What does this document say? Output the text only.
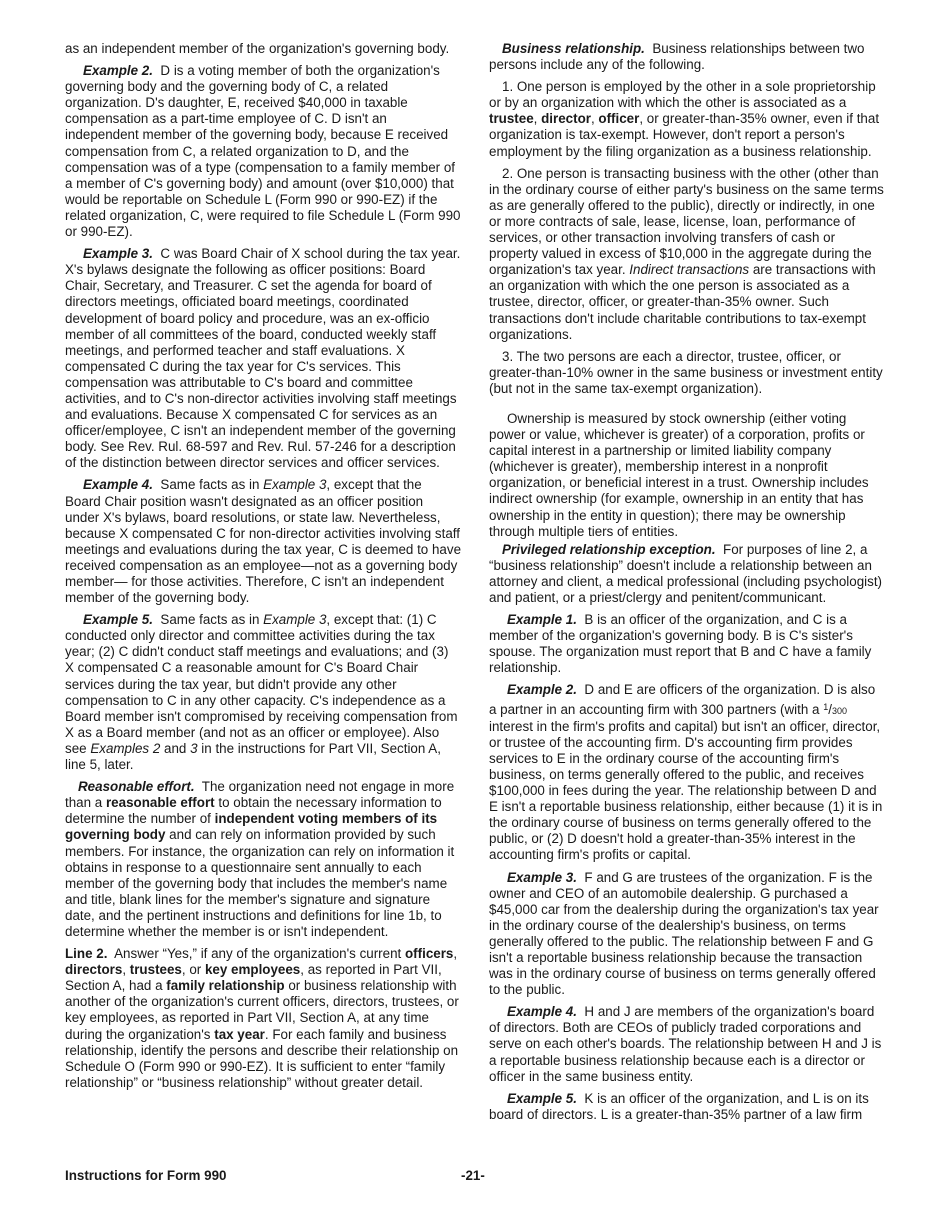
as an independent member of the organization's governing body.

Example 2. D is a voting member of both the organization's governing body and the governing body of C, a related organization. D's daughter, E, received $40,000 in taxable compensation as a part-time employee of C. D isn't an independent member of the governing body, because E received compensation from C, a related organization to D, and the compensation was of a type (compensation to a family member of a member of C's governing body) and amount (over $10,000) that would be reportable on Schedule L (Form 990 or 990-EZ) if the related organization, C, were required to file Schedule L (Form 990 or 990-EZ).

Example 3. C was Board Chair of X school during the tax year. X's bylaws designate the following as officer positions: Board Chair, Secretary, and Treasurer. C set the agenda for board of directors meetings, officiated board meetings, coordinated development of board policy and procedure, was an ex-officio member of all committees of the board, conducted weekly staff meetings, and performed teacher and staff evaluations. X compensated C during the tax year for C's services. This compensation was attributable to C's board and committee activities, and to C's non-director activities involving staff meetings and evaluations. Because X compensated C for services as an officer/employee, C isn't an independent member of the governing body. See Rev. Rul. 68-597 and Rev. Rul. 57-246 for a description of the distinction between director services and officer services.

Example 4. Same facts as in Example 3, except that the Board Chair position wasn't designated as an officer position under X's bylaws, board resolutions, or state law. Nevertheless, because X compensated C for non-director activities involving staff meetings and evaluations during the tax year, C is deemed to have received compensation as an employee—not as a governing body member— for those activities. Therefore, C isn't an independent member of the governing body.

Example 5. Same facts as in Example 3, except that: (1) C conducted only director and committee activities during the tax year; (2) C didn't conduct staff meetings and evaluations; and (3) X compensated C a reasonable amount for C's Board Chair services during the tax year, but didn't provide any other compensation to C in any other capacity. C's independence as a Board member isn't compromised by receiving compensation from X as a Board member (and not as an officer or employee). Also see Examples 2 and 3 in the instructions for Part VII, Section A, line 5, later.

Reasonable effort. The organization need not engage in more than a reasonable effort to obtain the necessary information to determine the number of independent voting members of its governing body and can rely on information provided by such members. For instance, the organization can rely on information it obtains in response to a questionnaire sent annually to each member of the governing body that includes the member's name and title, blank lines for the member's signature and signature date, and the pertinent instructions and definitions for line 1b, to determine whether the member is or isn't independent.

Line 2. Answer “Yes,” if any of the organization's current officers, directors, trustees, or key employees, as reported in Part VII, Section A, had a family relationship or business relationship with another of the organization's current officers, directors, trustees, or key employees, as reported in Part VII, Section A, at any time during the organization's tax year. For each family and business relationship, identify the persons and describe their relationship on Schedule O (Form 990 or 990-EZ). It is sufficient to enter “family relationship” or “business relationship” without greater detail.

Business relationship. Business relationships between two persons include any of the following.

1. One person is employed by the other in a sole proprietorship or by an organization with which the other is associated as a trustee, director, officer, or greater-than-35% owner, even if that organization is tax-exempt. However, don't report a person's employment by the filing organization as a business relationship.

2. One person is transacting business with the other (other than in the ordinary course of either party's business on the same terms as are generally offered to the public), directly or indirectly, in one or more contracts of sale, lease, license, loan, performance of services, or other transaction involving transfers of cash or property valued in excess of $10,000 in the aggregate during the organization's tax year. Indirect transactions are transactions with an organization with which the one person is associated as a trustee, director, officer, or greater-than-35% owner. Such transactions don't include charitable contributions to tax-exempt organizations.

3. The two persons are each a director, trustee, officer, or greater-than-10% owner in the same business or investment entity (but not in the same tax-exempt organization).

Ownership is measured by stock ownership (either voting power or value, whichever is greater) of a corporation, profits or capital interest in a partnership or limited liability company (whichever is greater), membership interest in a nonprofit organization, or beneficial interest in a trust. Ownership includes indirect ownership (for example, ownership in an entity that has ownership in the entity in question); there may be ownership through multiple tiers of entities.

Privileged relationship exception. For purposes of line 2, a “business relationship” doesn't include a relationship between an attorney and client, a medical professional (including psychologist) and patient, or a priest/clergy and penitent/communicant.

Example 1. B is an officer of the organization, and C is a member of the organization's governing body. B is C's sister's spouse. The organization must report that B and C have a family relationship.

Example 2. D and E are officers of the organization. D is also a partner in an accounting firm with 300 partners (with a $^1$/300 interest in the firm's profits and capital) but isn't an officer, director, or trustee of the accounting firm. D's accounting firm provides services to E in the ordinary course of the accounting firm's business, on terms generally offered to the public, and receives $100,000 in fees during the year. The relationship between D and E isn't a reportable business relationship, either because (1) it is in the ordinary course of business on terms generally offered to the public, or (2) D doesn't hold a greater-than-35% interest in the accounting firm's profits or capital.

Example 3. F and G are trustees of the organization. F is the owner and CEO of an automobile dealership. G purchased a $45,000 car from the dealership during the organization's tax year in the ordinary course of the dealership's business, on terms generally offered to the public. The relationship between F and G isn't a reportable business relationship because the transaction was in the ordinary course of business on terms generally offered to the public.

Example 4. H and J are members of the organization's board of directors. Both are CEOs of publicly traded corporations and serve on each other's boards. The relationship between H and J is a reportable business relationship because each is a director or officer in the same business entity.

Example 5. K is an officer of the organization, and L is on its board of directors. L is a greater-than-35% partner of a law firm

Instructions for Form 990	-21-
